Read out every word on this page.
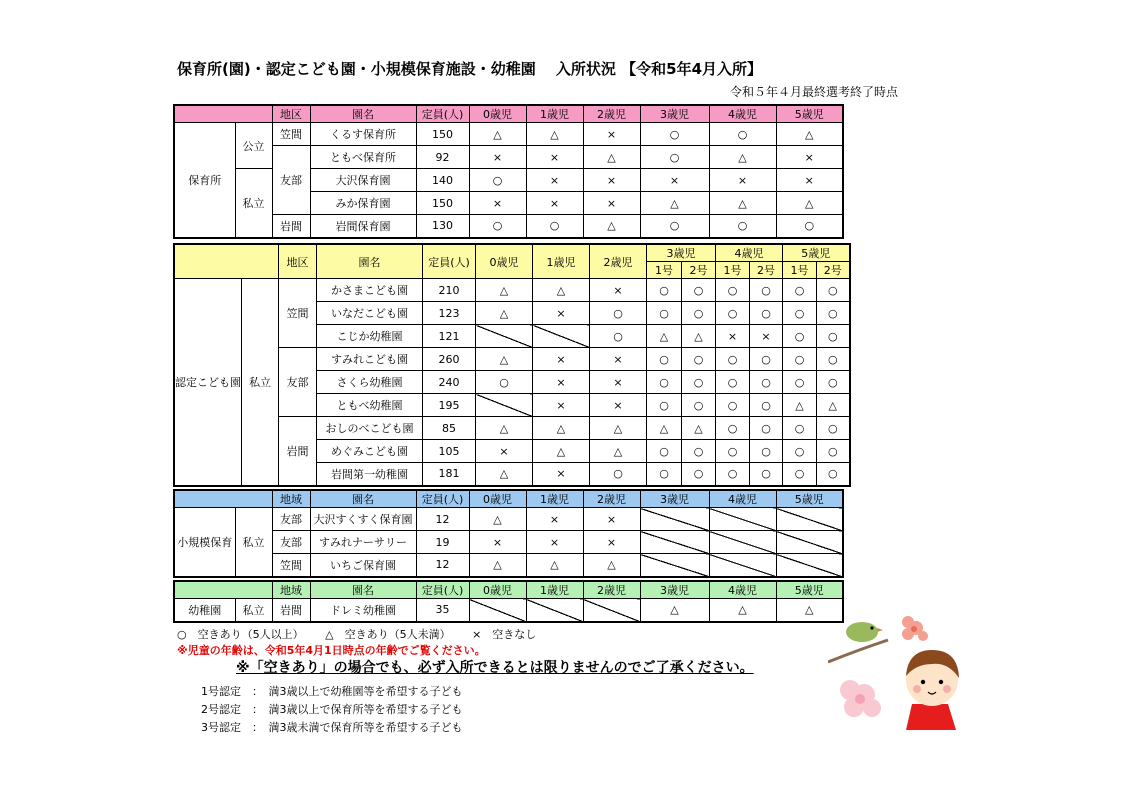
保育所(園)・認定こども園・小規模保育施設・幼稚園　 入所状況 【令和5年4月入所】
令和５年４月最終選考終了時点
		地区	園名	定員(人)	0歳児	1歳児	2歳児	3歳児	4歳児	5歳児
保育所	公立	笠間	くるす保育所	150	△	△	×	○	○	△
		友部	ともべ保育所	92	×	×	△	○	△	×
	私立		大沢保育園	140	○	×	×	×	×	×
			みか保育園	150	×	×	×	△	△	△
		岩間	岩間保育園	130	○	○	△	○	○	○
		地区	園名	定員(人)	0歳児	1歳児	2歳児	3歳児		4歳児		5歳児	
								1号	2号	1号	2号	1号	2号
認定こども園	私立	笠間	かさまこども園	210	△	△	×	○	○	○	○	○	○
			いなだこども園	123	△	×	○	○	○	○	○	○	○
			こじか幼稚園	121			○	△	△	×	×	○	○
		友部	すみれこども園	260	△	×	×	○	○	○	○	○	○
			さくら幼稚園	240	○	×	×	○	○	○	○	○	○
			ともべ幼稚園	195		×	×	○	○	○	○	△	△
		岩間	おしのべこども園	85	△	△	△	△	△	○	○	○	○
			めぐみこども園	105	×	△	△	○	○	○	○	○	○
			岩間第一幼稚園	181	△	×	○	○	○	○	○	○	○
		地域	園名	定員(人)	0歳児	1歳児	2歳児	3歳児	4歳児	5歳児
小規模保育	私立	友部	大沢すくすく保育園	12	△	×	×			
		友部	すみれナーサリー	19	×	×	×			
		笠間	いちご保育園	12	△	△	△			
		地域	園名	定員(人)	0歳児	1歳児	2歳児	3歳児	4歳児	5歳児
幼稚園	私立	岩間	ドレミ幼稚園	35				△	△	△
○　空きあり（5人以上） △　空きあり（5人未満） ×　空きなし
※児童の年齢は、令和5年4月1日時点の年齢でご覧ください。
※「空きあり」の場合でも、必ず入所できるとは限りませんのでご了承ください。
1号認定　：　満3歳以上で幼稚園等を希望する子ども
2号認定　：　満3歳以上で保育所等を希望する子ども
3号認定　：　満3歳未満で保育所等を希望する子ども
